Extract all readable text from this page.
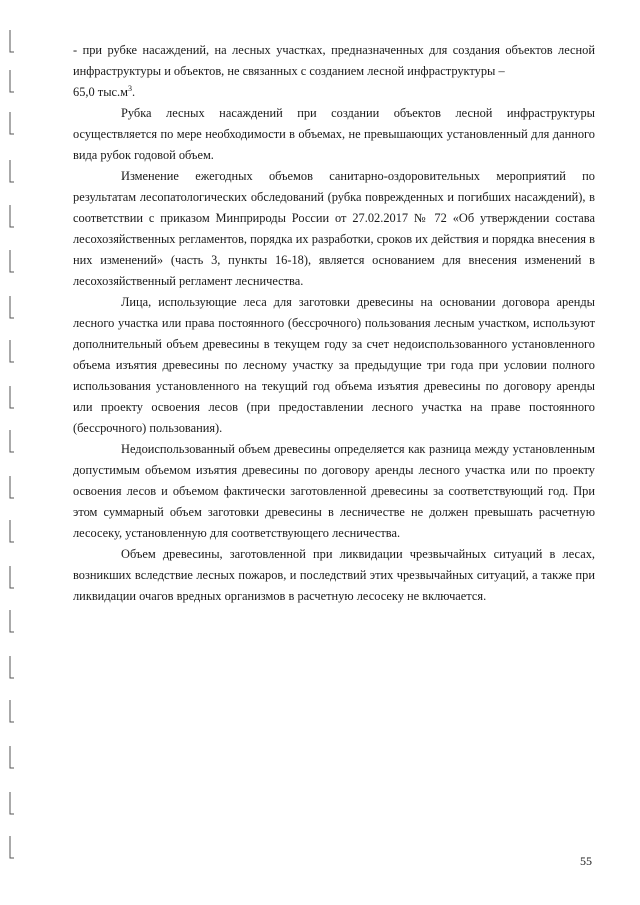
- при рубке насаждений, на лесных участках, предназначенных для создания объектов лесной инфраструктуры и объектов, не связанных с созданием лесной инфраструктуры –
65,0 $тыс.м^3$.

Рубка лесных насаждений при создании объектов лесной инфраструктуры осуществляется по мере необходимости в объемах, не превышающих установленный для данного вида рубок годовой объем.

Изменение ежегодных объемов санитарно-оздоровительных мероприятий по результатам лесопатологических обследований (рубка поврежденных и погибших насаждений), в соответствии с приказом Минприроды России от 27.02.2017 № 72 «Об утверждении состава лесохозяйственных регламентов, порядка их разработки, сроков их действия и порядка внесения в них изменений» (часть 3, пункты 16-18), является основанием для внесения изменений в лесохозяйственный регламент лесничества.

Лица, использующие леса для заготовки древесины на основании договора аренды лесного участка или права постоянного (бессрочного) пользования лесным участком, используют дополнительный объем древесины в текущем году за счет недоиспользованного установленного объема изъятия древесины по лесному участку за предыдущие три года при условии полного использования установленного на текущий год объема изъятия древесины по договору аренды или проекту освоения лесов (при предоставлении лесного участка на праве постоянного (бессрочного) пользования).

Недоиспользованный объем древесины определяется как разница между установленным допустимым объемом изъятия древесины по договору аренды лесного участка или по проекту освоения лесов и объемом фактически заготовленной древесины за соответствующий год. При этом суммарный объем заготовки древесины в лесничестве не должен превышать расчетную лесосеку, установленную для соответствующего лесничества.

Объем древесины, заготовленной при ликвидации чрезвычайных ситуаций в лесах, возникших вследствие лесных пожаров, и последствий этих чрезвычайных ситуаций, а также при ликвидации очагов вредных организмов в расчетную лесосеку не включается.

55
